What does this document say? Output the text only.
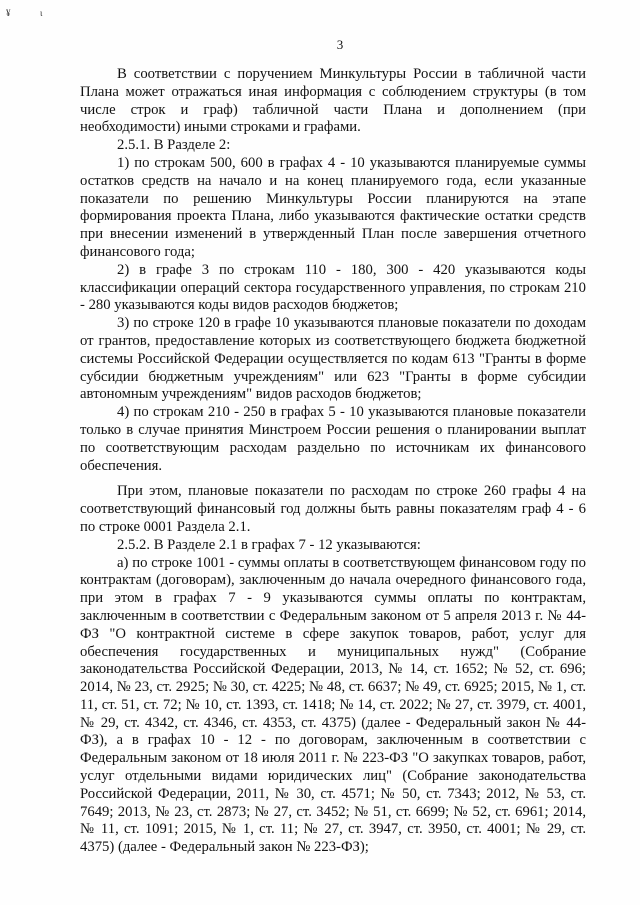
¥	ι
3

В соответствии с поручением Минкультуры России в табличной части Плана может отражаться иная информация с соблюдением структуры (в том числе строк и граф) табличной части Плана и дополнением (при необходимости) иными строками и графами.

2.5.1. В Разделе 2:

1) по строкам 500, 600 в графах 4 - 10 указываются планируемые суммы остатков средств на начало и на конец планируемого года, если указанные показатели по решению Минкультуры России планируются на этапе формирования проекта Плана, либо указываются фактические остатки средств при внесении изменений в утвержденный План после завершения отчетного финансового года;

2) в графе 3 по строкам 110 - 180, 300 - 420 указываются коды классификации операций сектора государственного управления, по строкам 210 - 280 указываются коды видов расходов бюджетов;

3) по строке 120 в графе 10 указываются плановые показатели по доходам от грантов, предоставление которых из соответствующего бюджета бюджетной системы Российской Федерации осуществляется по кодам 613 "Гранты в форме субсидии бюджетным учреждениям" или 623 "Гранты в форме субсидии автономным учреждениям" видов расходов бюджетов;

4) по строкам 210 - 250 в графах 5 - 10 указываются плановые показатели только в случае принятия Минстроем России решения о планировании выплат по соответствующим расходам раздельно по источникам их финансового обеспечения.

При этом, плановые показатели по расходам по строке 260 графы 4 на соответствующий финансовый год должны быть равны показателям граф 4 - 6 по строке 0001 Раздела 2.1.

2.5.2. В Разделе 2.1 в графах 7 - 12 указываются:

а) по строке 1001 - суммы оплаты в соответствующем финансовом году по контрактам (договорам), заключенным до начала очередного финансового года, при этом в графах 7 - 9 указываются суммы оплаты по контрактам, заключенным в соответствии с Федеральным законом от 5 апреля 2013 г. № 44-ФЗ "О контрактной системе в сфере закупок товаров, работ, услуг для обеспечения государственных и муниципальных нужд" (Собрание законодательства Российской Федерации, 2013, № 14, ст. 1652; № 52, ст. 696; 2014, № 23, ст. 2925; № 30, ст. 4225; № 48, ст. 6637; № 49, ст. 6925; 2015, № 1, ст. 11, ст. 51, ст. 72; № 10, ст. 1393, ст. 1418; № 14, ст. 2022; № 27, ст. 3979, ст. 4001, № 29, ст. 4342, ст. 4346, ст. 4353, ст. 4375) (далее - Федеральный закон № 44-ФЗ), а в графах 10 - 12 - по договорам, заключенным в соответствии с Федеральным законом от 18 июля 2011 г. № 223-ФЗ "О закупках товаров, работ, услуг отдельными видами юридических лиц" (Собрание законодательства Российской Федерации, 2011, № 30, ст. 4571; № 50, ст. 7343; 2012, № 53, ст. 7649; 2013, № 23, ст. 2873; № 27, ст. 3452; № 51, ст. 6699; № 52, ст. 6961; 2014, № 11, ст. 1091; 2015, № 1, ст. 11; № 27, ст. 3947, ст. 3950, ст. 4001; № 29, ст. 4375) (далее - Федеральный закон № 223-ФЗ);
